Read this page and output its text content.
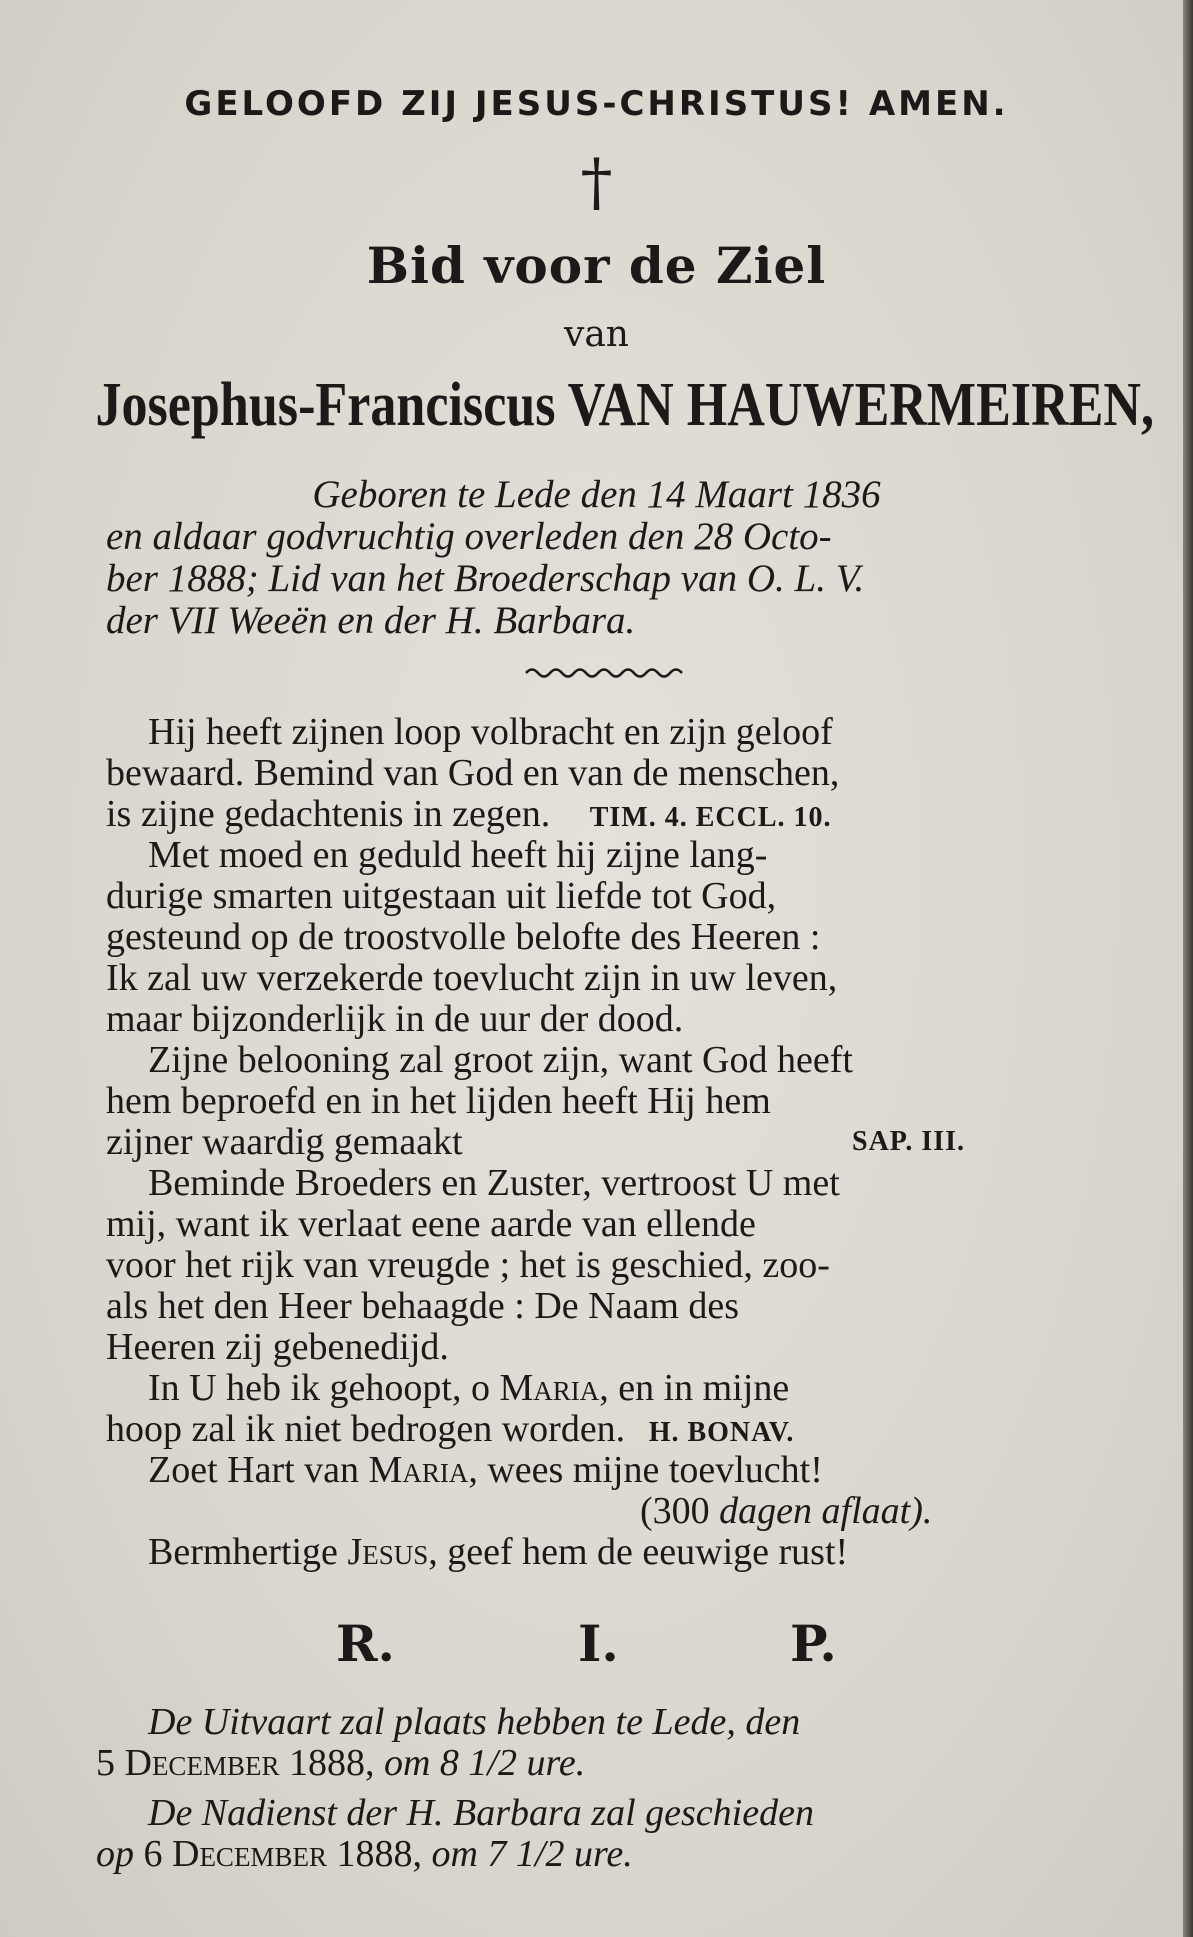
GELOOFD ZIJ JESUS-CHRISTUS! AMEN.
†
Bid voor de Ziel
van
Josephus-Franciscus VAN HAUWERMEIREN,
Geboren te Lede den 14 Maart 1836
en aldaar godvruchtig overleden den 28 Octo-
ber 1888; Lid van het Broederschap van O. L. V.
der VII Weeën en der H. Barbara.
Hij heeft zijnen loop volbracht en zijn geloof
bewaard. Bemind van God en van de menschen,
is zijne gedachtenis in zegen. TIM. 4. ECCL. 10.
Met moed en geduld heeft hij zijne lang-
durige smarten uitgestaan uit liefde tot God,
gesteund op de troostvolle belofte des Heeren :
Ik zal uw verzekerde toevlucht zijn in uw leven,
maar bijzonderlijk in de uur der dood.
Zijne belooning zal groot zijn, want God heeft
hem beproefd en in het lijden heeft Hij hem
zijner waardig gemaakt	SAP. III.
Beminde Broeders en Zuster, vertroost U met
mij, want ik verlaat eene aarde van ellende
voor het rijk van vreugde ; het is geschied, zoo-
als het den Heer behaagde : De Naam des
Heeren zij gebenedijd.
In U heb ik gehoopt, o Maria, en in mijne
hoop zal ik niet bedrogen worden. H. BONAV.
Zoet Hart van Maria, wees mijne toevlucht!
(300 dagen aflaat).
Bermhertige Jesus, geef hem de eeuwige rust!
R.	I.	P.
De Uitvaart zal plaats hebben te Lede, den
5 December 1888, om 8 1/2 ure.
De Nadienst der H. Barbara zal geschieden
op 6 December 1888, om 7 1/2 ure.
